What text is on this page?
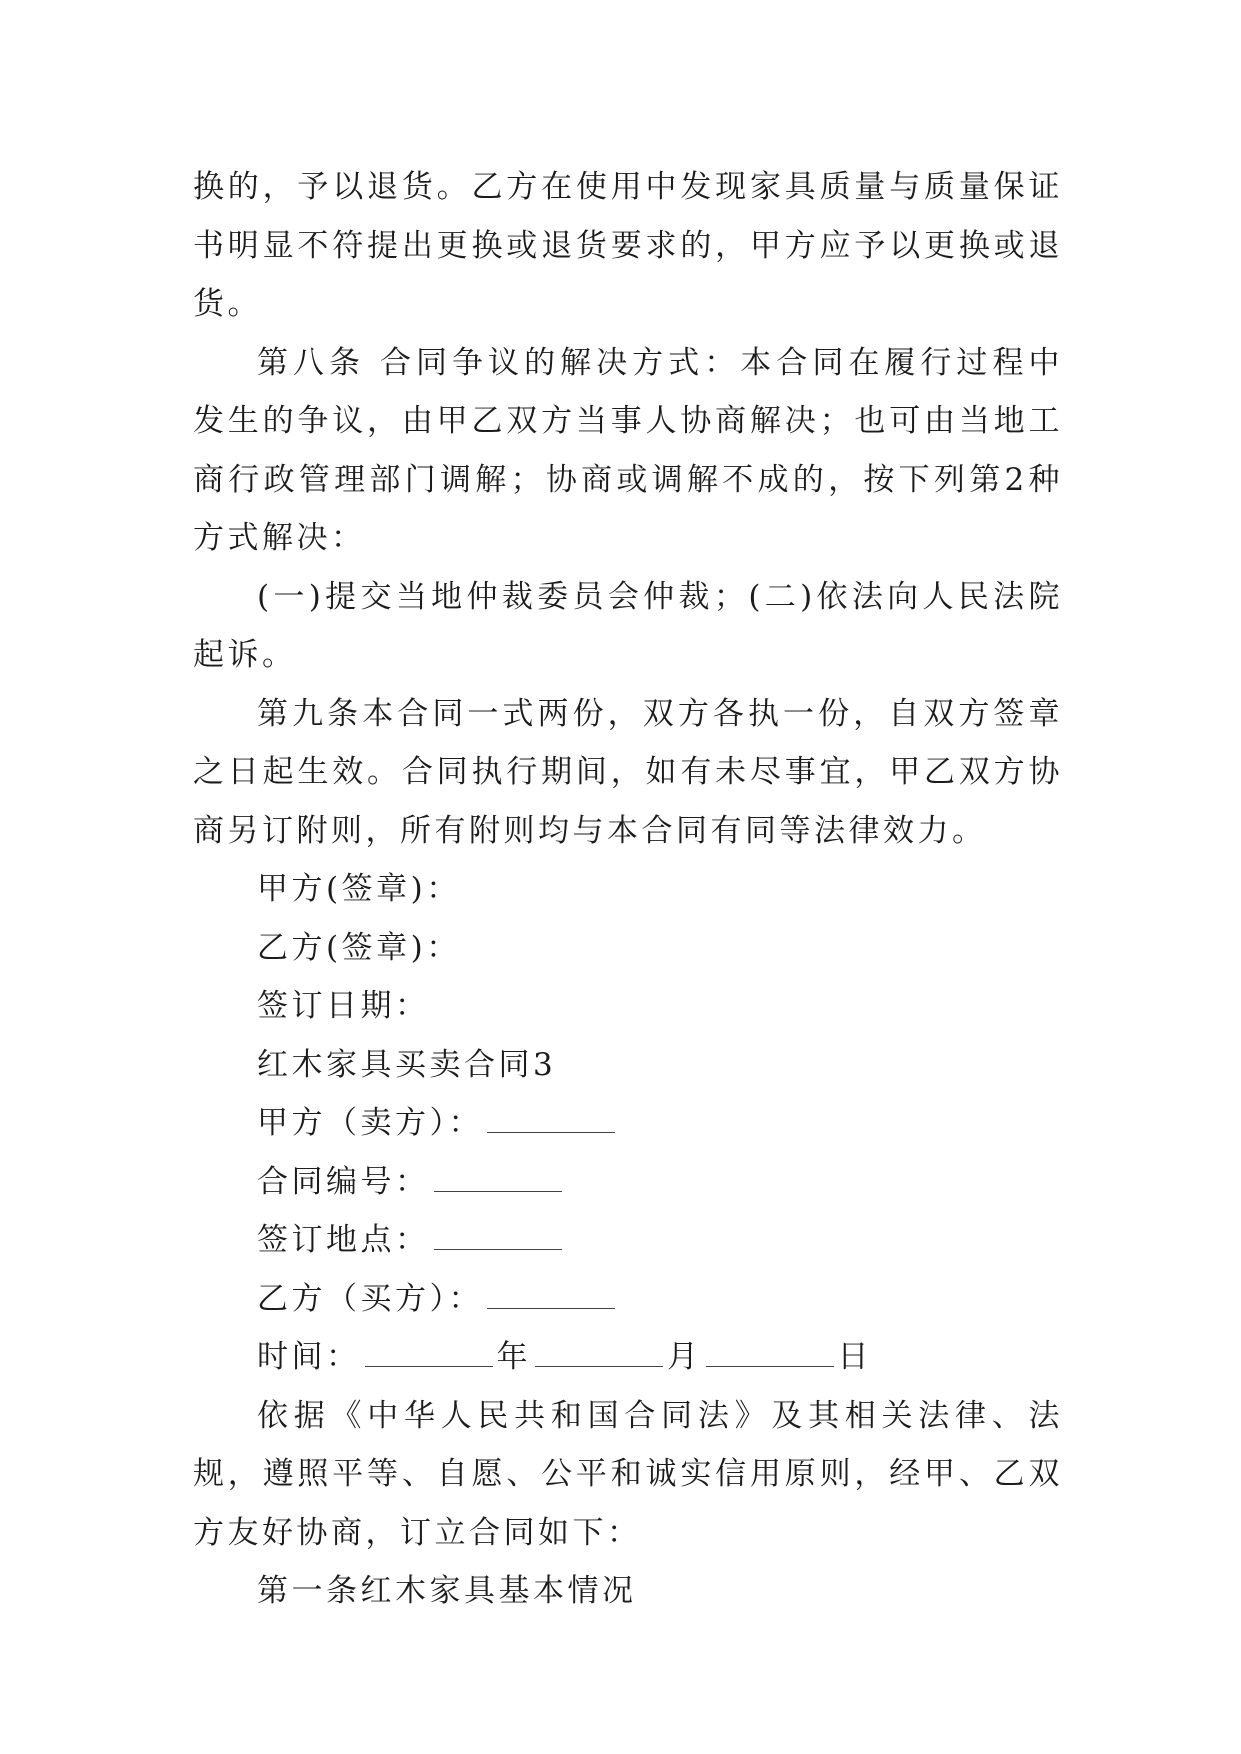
换的，予以退货。乙方在使用中发现家具质量与质量保证书明显不符提出更换或退货要求的，甲方应予以更换或退货。

第八条 合同争议的解决方式：本合同在履行过程中发生的争议，由甲乙双方当事人协商解决；也可由当地工商行政管理部门调解；协商或调解不成的，按下列第2种方式解决：

(一)提交当地仲裁委员会仲裁；(二)依法向人民法院起诉。

第九条本合同一式两份，双方各执一份，自双方签章之日起生效。合同执行期间，如有未尽事宜，甲乙双方协商另订附则，所有附则均与本合同有同等法律效力。

甲方(签章)：

乙方(签章)：

签订日期：

红木家具买卖合同3

甲方（卖方）：

合同编号：

签订地点：

乙方（买方）：

时间：	年	月	日

依据《中华人民共和国合同法》及其相关法律、法规，遵照平等、自愿、公平和诚实信用原则，经甲、乙双方友好协商，订立合同如下：

第一条红木家具基本情况
